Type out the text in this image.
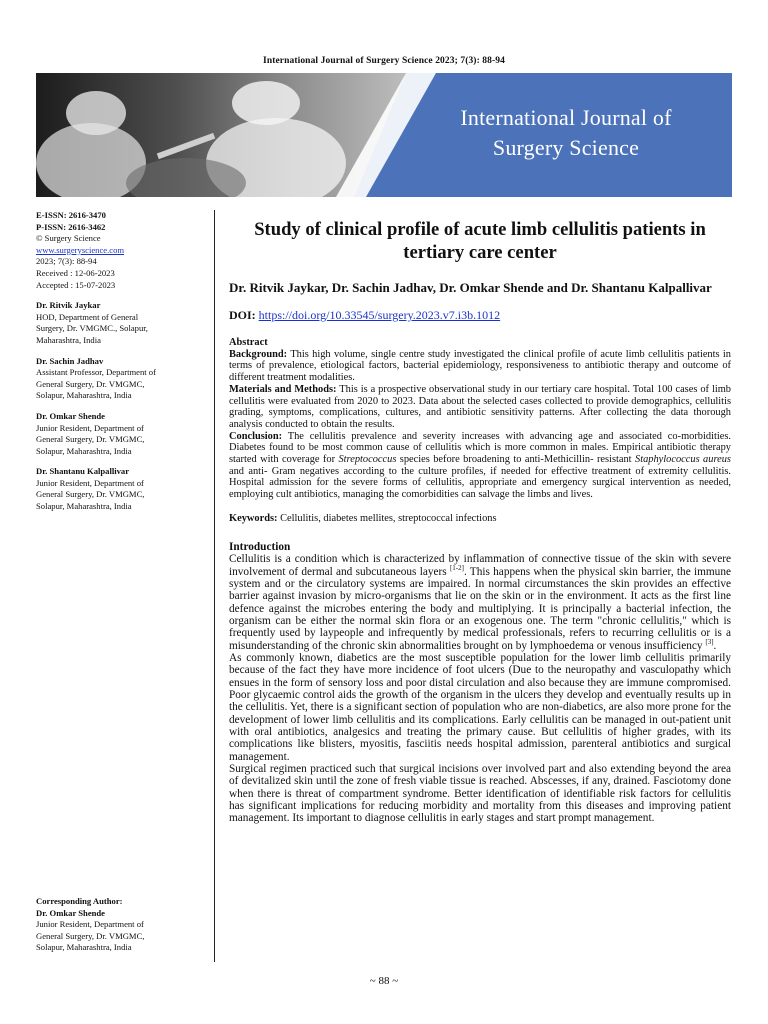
International Journal of Surgery Science 2023; 7(3): 88-94
International Journal of
Surgery Science
E-ISSN: 2616-3470
P-ISSN: 2616-3462
© Surgery Science
www.surgeryscience.com
2023; 7(3): 88-94
Received : 12-06-2023
Accepted : 15-07-2023
Dr. Ritvik Jaykar
HOD, Department of General
Surgery, Dr. VMGMC., Solapur,
Maharashtra, India
Dr. Sachin Jadhav
Assistant Professor, Department of
General Surgery, Dr. VMGMC,
Solapur, Maharashtra, India
Dr. Omkar Shende
Junior Resident, Department of
General Surgery, Dr. VMGMC,
Solapur, Maharashtra, India
Dr. Shantanu Kalpallivar
Junior Resident, Department of
General Surgery, Dr. VMGMC,
Solapur, Maharashtra, India
Corresponding Author:
Dr. Omkar Shende
Junior Resident, Department of
General Surgery, Dr. VMGMC,
Solapur, Maharashtra, India
Study of clinical profile of acute limb cellulitis patients in tertiary care center
Dr. Ritvik Jaykar, Dr. Sachin Jadhav, Dr. Omkar Shende and Dr. Shantanu Kalpallivar
DOI: https://doi.org/10.33545/surgery.2023.v7.i3b.1012
Abstract

Background: This high volume, single centre study investigated the clinical profile of acute limb cellulitis patients in terms of prevalence, etiological factors, bacterial epidemiology, responsiveness to antibiotic therapy and outcome of different treatment modalities.

Materials and Methods: This is a prospective observational study in our tertiary care hospital. Total 100 cases of limb cellulitis were evaluated from 2020 to 2023. Data about the selected cases collected to provide demographics, cellulitis grading, symptoms, complications, cultures, and antibiotic sensitivity patterns. After collecting the data thorough analysis conducted to obtain the results.

Conclusion: The cellulitis prevalence and severity increases with advancing age and associated co-morbidities. Diabetes found to be most common cause of cellulitis which is more common in males. Empirical antibiotic therapy started with coverage for Streptococcus species before broadening to anti-Methicillin- resistant Staphylococcus aureus and anti- Gram negatives according to the culture profiles, if needed for effective treatment of extremity cellulitis. Hospital admission for the severe forms of cellulitis, appropriate and emergency surgical intervention as needed, employing cult antibiotics, managing the comorbidities can salvage the limbs and lives.

Keywords: Cellulitis, diabetes mellites, streptococcal infections
Introduction

Cellulitis is a condition which is characterized by inflammation of connective tissue of the skin with severe involvement of dermal and subcutaneous layers [1-2]. This happens when the physical skin barrier, the immune system and or the circulatory systems are impaired. In normal circumstances the skin provides an effective barrier against invasion by micro-organisms that lie on the skin or in the environment. It acts as the first line defence against the microbes entering the body and multiplying. It is principally a bacterial infection, the organism can be either the normal skin flora or an exogenous one. The term "chronic cellulitis," which is frequently used by laypeople and infrequently by medical professionals, refers to recurring cellulitis or is a misunderstanding of the chronic skin abnormalities brought on by lymphoedema or venous insufficiency [3].

As commonly known, diabetics are the most susceptible population for the lower limb cellulitis primarily because of the fact they have more incidence of foot ulcers (Due to the neuropathy and vasculopathy which ensues in the form of sensory loss and poor distal circulation and also because they are immune compromised. Poor glycaemic control aids the growth of the organism in the ulcers they develop and eventually results up in the cellulitis. Yet, there is a significant section of population who are non-diabetics, are also more prone for the development of lower limb cellulitis and its complications. Early cellulitis can be managed in out-patient unit with oral antibiotics, analgesics and treating the primary cause. But cellulitis of higher grades, with its complications like blisters, myositis, fasciitis needs hospital admission, parenteral antibiotics and surgical management.

Surgical regimen practiced such that surgical incisions over involved part and also extending beyond the area of devitalized skin until the zone of fresh viable tissue is reached. Abscesses, if any, drained. Fasciotomy done when there is threat of compartment syndrome. Better identification of identifiable risk factors for cellulitis has significant implications for reducing morbidity and mortality from this diseases and improving patient management. Its important to diagnose cellulitis in early stages and start prompt management.

~ 88 ~
